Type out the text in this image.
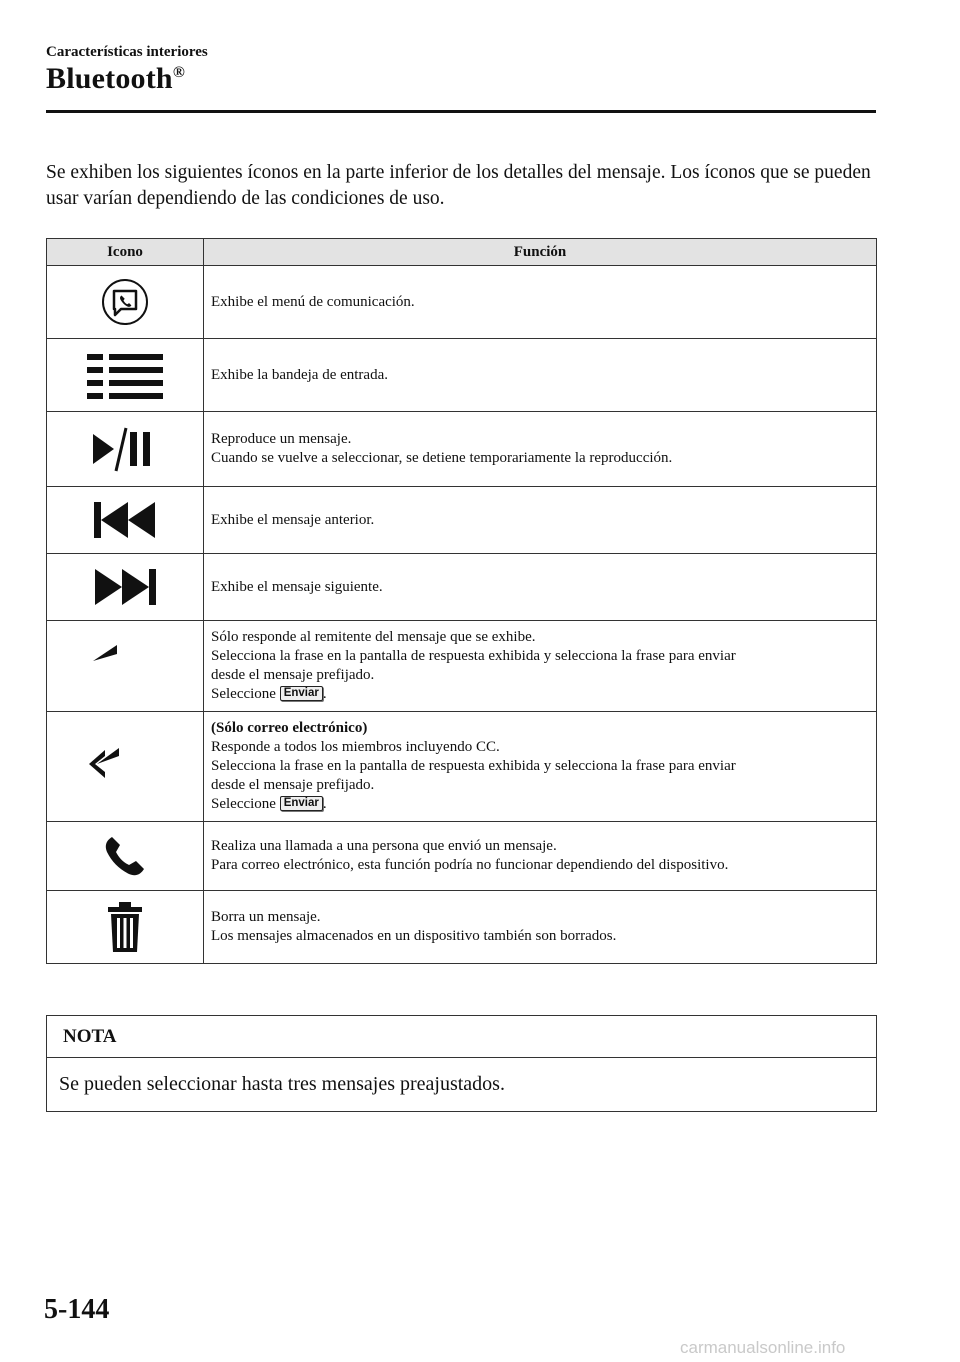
Características interiores
Bluetooth®
Se exhiben los siguientes íconos en la parte inferior de los detalles del mensaje. Los íconos que se pueden usar varían dependiendo de las condiciones de uso.
Icono	Función

Exhibe el menú de comunicación.

Exhibe la bandeja de entrada.

Reproduce un mensaje.
Cuando se vuelve a seleccionar, se detiene temporariamente la reproducción.

Exhibe el mensaje anterior.

Exhibe el mensaje siguiente.

Sólo responde al remitente del mensaje que se exhibe.
Selecciona la frase en la pantalla de respuesta exhibida y selecciona la frase para enviar
desde el mensaje prefijado.
Seleccione Enviar .

(Sólo correo electrónico)
Responde a todos los miembros incluyendo CC.
Selecciona la frase en la pantalla de respuesta exhibida y selecciona la frase para enviar
desde el mensaje prefijado.
Seleccione Enviar .

Realiza una llamada a una persona que envió un mensaje.
Para correo electrónico, esta función podría no funcionar dependiendo del dispositivo.

Borra un mensaje.
Los mensajes almacenados en un dispositivo también son borrados.
NOTA
Se pueden seleccionar hasta tres mensajes preajustados.
5-144
carmanualsonline.info
